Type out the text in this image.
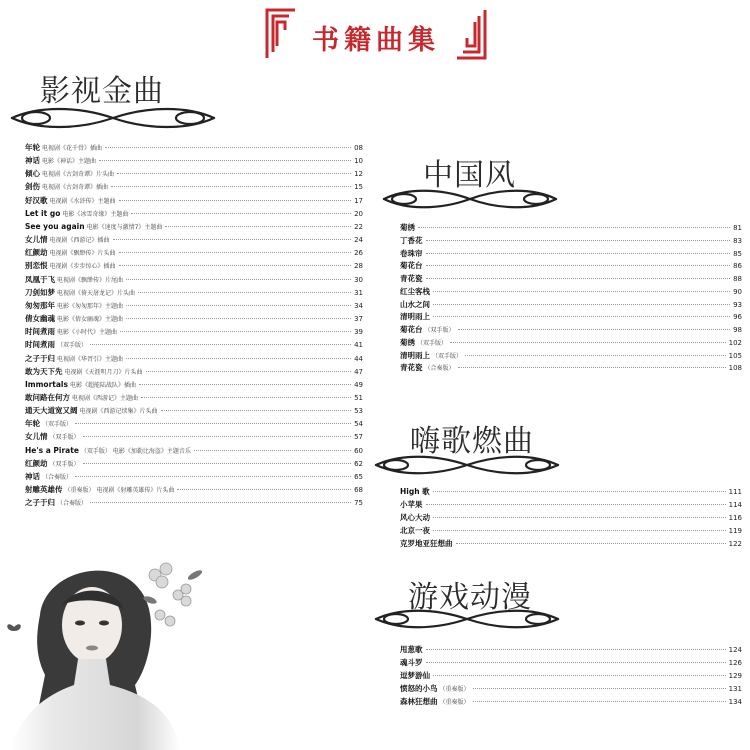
书籍曲集
影视金曲
年轮 电视剧《花千骨》插曲	08
神话 电影《神话》主题曲	10
倾心 电视剧《古剑奇谭》片头曲	12
剑伤 电视剧《古剑奇谭》插曲	15
好汉歌 电视剧《水浒传》主题曲	17
Let it go 电影《冰雪奇缘》主题曲	20
See you again 电影《速度与激情7》主题曲	22
女儿情 电视剧《西游记》插曲	24
红颜劫 电视剧《飘缈传》片头曲	26
别恋恨 电视剧《步步惊心》插曲	28
凤凰于飞 电视剧《飘缈传》片尾曲	30
刀剑如梦 电视剧《倚天屠龙记》片头曲	31
匆匆那年 电影《匆匆那年》主题曲	34
倩女幽魂 电影《倩女幽魂》主题曲	37
时间煮雨 电影《小时代》主题曲	39
时间煮雨 （双手版）	41
之子于归 电视剧《华胥引》主题曲	44
敢为天下先 电视剧《天涯明月刀》片头曲	47
Immortals 电影《超能陆战队》插曲	49
敢问路在何方 电视剧《西游记》主题曲	51
通天大道宽又阔 电视剧《西游记续集》片头曲	53
年轮 （双手版）	54
女儿情 （双手版）	57
He's a Pirate （双手版） 电影《加勒比海盗》主题音乐	60
红颜劫 （双手版）	62
神话 （合奏版）	65
射雕英雄传 （重奏版） 电视剧《射雕英雄传》片头曲	68
之子于归 （合奏版）	75
中国风
菊绣	81
丁香花	83
卷珠帘	85
菊花台	86
青花瓷	88
红尘客栈	90
山水之间	93
清明雨上	96
菊花台 （双手版）	98
菊绣 （双手版）	102
清明雨上 （双手版）	105
青花瓷 （合奏版）	108
嗨歌燃曲
High 歌	111
小苹果	114
风心大动	116
北京一夜	119
克罗地亚狂想曲	122
游戏动漫
甩葱歌	124
魂斗罗	126
逗梦游仙	129
愤怒的小鸟 （重奏版）	131
森林狂想曲 （重奏版）	134
